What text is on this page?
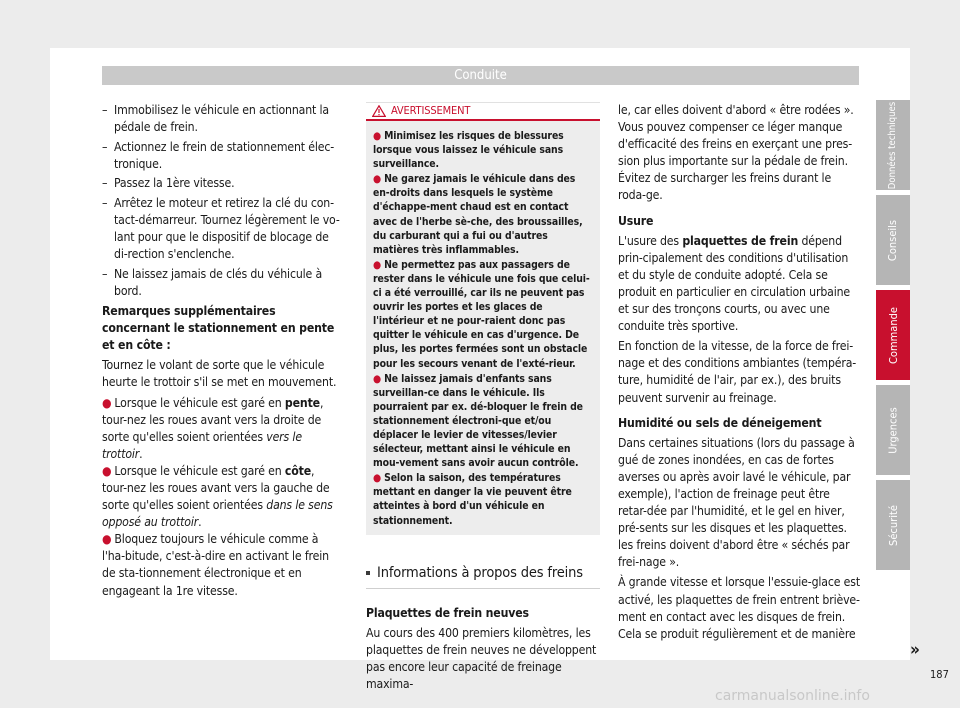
Conduite
– Immobilisez le véhicule en actionnant la pédale de frein.
– Actionnez le frein de stationnement élec-tronique.
– Passez la 1ère vitesse.
– Arrêtez le moteur et retirez la clé du con-tact-démarreur. Tournez légèrement le vo-lant pour que le dispositif de blocage de di-rection s'enclenche.
– Ne laissez jamais de clés du véhicule à bord.
Remarques supplémentaires concernant le stationnement en pente et en côte :
Tournez le volant de sorte que le véhicule heurte le trottoir s'il se met en mouvement.
● Lorsque le véhicule est garé en pente, tour-nez les roues avant vers la droite de sorte qu'elles soient orientées vers le trottoir.
● Lorsque le véhicule est garé en côte, tour-nez les roues avant vers la gauche de sorte qu'elles soient orientées dans le sens opposé au trottoir.
● Bloquez toujours le véhicule comme à l'ha-bitude, c'est-à-dire en activant le frein de sta-tionnement électronique et en engageant la 1re vitesse.
AVERTISSEMENT
● Minimisez les risques de blessures lorsque vous laissez le véhicule sans surveillance.
● Ne garez jamais le véhicule dans des en-droits dans lesquels le système d'échappe-ment chaud est en contact avec de l'herbe sè-che, des broussailles, du carburant qui a fui ou d'autres matières très inflammables.
● Ne permettez pas aux passagers de rester dans le véhicule une fois que celui-ci a été verrouillé, car ils ne peuvent pas ouvrir les portes et les glaces de l'intérieur et ne pour-raient donc pas quitter le véhicule en cas d'urgence. De plus, les portes fermées sont un obstacle pour les secours venant de l'exté-rieur.
● Ne laissez jamais d'enfants sans surveillan-ce dans le véhicule. Ils pourraient par ex. dé-bloquer le frein de stationnement électroni-que et/ou déplacer le levier de vitesses/levier sélecteur, mettant ainsi le véhicule en mou-vement sans avoir aucun contrôle.
● Selon la saison, des températures mettant en danger la vie peuvent être atteintes à bord d'un véhicule en stationnement.
Informations à propos des freins
Plaquettes de frein neuves
Au cours des 400 premiers kilomètres, les plaquettes de frein neuves ne développent pas encore leur capacité de freinage maxima-
le, car elles doivent d'abord « être rodées ». Vous pouvez compenser ce léger manque d'efficacité des freins en exerçant une pres-sion plus importante sur la pédale de frein. Évitez de surcharger les freins durant le roda-ge.
Usure
L'usure des plaquettes de frein dépend prin-cipalement des conditions d'utilisation et du style de conduite adopté. Cela se produit en particulier en circulation urbaine et sur des tronçons courts, ou avec une conduite très sportive.
En fonction de la vitesse, de la force de frei-nage et des conditions ambiantes (tempéra-ture, humidité de l'air, par ex.), des bruits peuvent survenir au freinage.
Humidité ou sels de déneigement
Dans certaines situations (lors du passage à gué de zones inondées, en cas de fortes averses ou après avoir lavé le véhicule, par exemple), l'action de freinage peut être retar-dée par l'humidité, et le gel en hiver, pré-sents sur les disques et les plaquettes. les freins doivent d'abord être « séchés par frei-nage ».
À grande vitesse et lorsque l'essuie-glace est activé, les plaquettes de frein entrent briève-ment en contact avec les disques de frein. Cela se produit régulièrement et de manière
»
187
Données techniques
Conseils
Commande
Urgences
Sécurité
carmanualsonline.info
